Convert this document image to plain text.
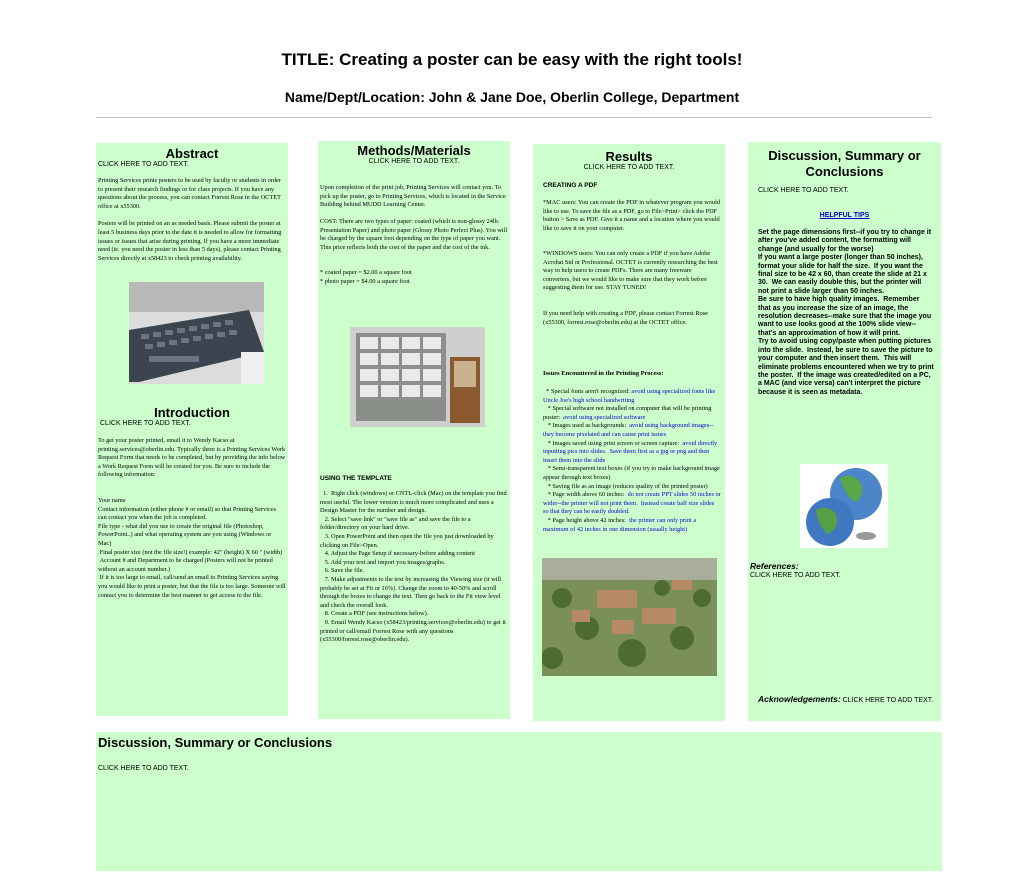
TITLE: Creating a poster can be easy with the right tools!
Name/Dept/Location: John & Jane Doe, Oberlin College, Department
Abstract
CLICK HERE TO ADD TEXT.

Printing Services prints posters to be used by faculty or students in order to present their research findings or for class projects. If you have any questions about the process, you can contact Forrest Rose in the OCTET office at x55300.

Posters will be printed on an as needed basis. Please submit the poster at least 5 business days prior to the date it is needed to allow for formatting issues or issues that arise during printing. If you have a more immediate need (ie. you need the poster in less than 5 days), please contact Printing Services directly at x58423 to check printing availability.

Introduction
CLICK HERE TO ADD TEXT.

To get your poster printed, email it to Wendy Kacso at printing.services@oberlin.edu. Typically there is a Printing Services Work Request Form that needs to be completed, but by providing the info below a Work Request Form will be created for you. Be sure to include the following information:

Your name
Contact information (either phone # or email) so that Printing Services can contact you when the job is completed.
File type - what did you use to create the original file (Photoshop, PowerPoint..) and what operating system are you using (Windows or Mac)
Final poster size (not the file size!) example: 42" (height) X 60 " (width)
Account # and Department to be charged (Posters will not be printed without an account number.)
If it is too large to email, call/send an email to Printing Services saying you would like to print a poster, but that the file is too large. Someone will contact you to determine the best manner to get access to the file.

Methods/Materials
CLICK HERE TO ADD TEXT.

Upon completion of the print job, Printing Services will contact you. To pick up the poster, go to Printing Services, which is located in the Service Building behind MUDD Learning Center.

COST: There are two types of paper: coated (which is non-glossy 24lb. Presentation Paper) and photo paper (Glossy Photo Perfect Plus). You will be charged by the square foot depending on the type of paper you want. This price reflects both the cost of the paper and the cost of the ink.

* coated paper = $2.00 a square foot
* photo paper = $4.00 a square foot

USING THE TEMPLATE

1.  Right click (windows) or CNTL-click (Mac) on the template you find most useful. The lower version is much more complicated and uses a Design Master for the number and design.
2. Select "save link" or "save file as" and save the file to a folder/directory on your hard drive.
3. Open PowerPoint and then open the file you just downloaded by clicking on File>Open.
4. Adjust the Page Setup if necessary-before adding content
5. Add your text and import you images/graphs.
6. Save the file.
7. Make adjustments to the text by increasing the Viewing size (it will probably be set at Fit or 16%). Change the zoom to 40-50% and scroll through the boxes to change the text. Then go back to the Fit view level and check the overall look.
8. Create a PDF (see instructions below).
9. Email Wendy Kacso (x58423/printing.services@oberlin.edu) to get it printed or call/email Forrest Rose with any questions (x55300/forrest.rose@oberlin.edu).

Results
CLICK HERE TO ADD TEXT.
CREATING A PDF

*MAC users: You can create the PDF in whatever program you would like to use. To save the file as a PDF, go to File>Print> click the PDF button > Save as PDF. Give it a name and a location where you would like to save it on your computer.

*WINDOWS users: You can only create a PDF if you have Adobe Acrobat Std or Professional. OCTET is currently researching the best way to help users to create PDFs. There are many freeware converters, but we would like to make sure that they work before suggesting them for use. STAY TUNED!

If you need help with creating a PDF, please contact Forrest Rose (x55300, forrest.rose@oberlin.edu) at the OCTET office.

Issues Encountered in the Printing Process:

* Special fonts aren't recognized: avoid using specialized fonts like Uncle Joe's high school handwriting

* Special software not installed on computer that will be printing poster:  avoid using specialized software

* Images used as backgrounds:  avoid using background images--they become pixelated and can cause print issues

* Images saved using print screen or screen capture:  avoid directly inputting pics into slides.  Save them first as a jpg or png and then insert them into the slide

* Semi-transparent text boxes (if you try to make background image appear through text boxes)

* Saving file as an image (reduces quality of the printed poster)

* Page width above 60 inches:  do not create PPT slides 50 inches or wider--the printer will not print them.  Instead create half size slides so that they can be easily doubled.

* Page height above 42 inches:  the printer can only print a maximum of 42 inches in one dimension (usually height)

Discussion, Summary or Conclusions
CLICK HERE TO ADD TEXT.
HELPFUL TIPS

Set the page dimensions first--if you try to change it after you've added content, the formatting will change (and usually for the worse)
If you want a large poster (longer than 50 inches), format your slide for half the size.  If you want the final size to be 42 x 60, than create the slide at 21 x 30.  We can easily double this, but the printer will not print a slide larger than 50 inches.
Be sure to have high quality images.  Remember that as you increase the size of an image, the resolution decreases--make sure that the image you want to use looks good at the 100% slide view--that's an approximation of how it will print.
Try to avoid using copy/paste when putting pictures into the slide.  Instead, be sure to save the picture to your computer and then insert them.  This will eliminate problems encountered when we try to print the poster.  If the image was created/edited on a PC, a MAC (and vice versa) can't interpret the picture because it is seen as metadata.

References:
CLICK HERE TO ADD TEXT.
Acknowledgements: CLICK HERE TO ADD TEXT.
Discussion, Summary or Conclusions
CLICK HERE TO ADD TEXT.
